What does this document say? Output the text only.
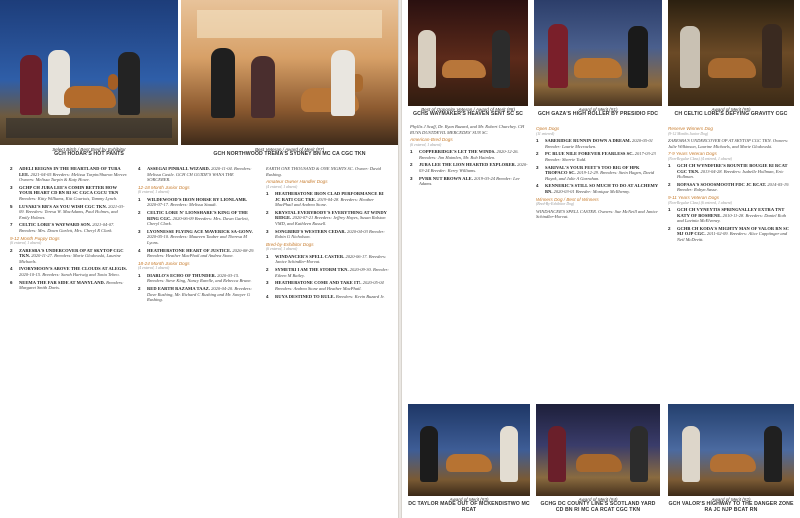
Select Bitch / Best Bred by Exhibitor
GCH HODAR'S HOT PANTS
Best Veteran / Award of Merit (#7)
GCH NORTHWOOD TREMA'S SYDNEY BN MC CA CGC TKN
2	ADELI REIGNS IN THE HEARTLAND OF TUBA LEE. 2021-04-05 Breeders: Melissa Turpin/Sharon Mercer. Owners: Melissa Turpin & Katy Howe.
3	GCHP CH JUBA LEE'S COMIN BETTER HOW YOUR HEART CD BN RI SC CGCA CGCU TKN Breeders: Kitty Williams, Kitt Courtois, Tammy Lynch.
5	LUVAKI'S RB'S AS YOU WISH CGC TKN. 2021-03-09. Breeders: Teresa W. MacAdams, Paul Holmes, and Emily Holmes.
7	CELTIC LORE'S WAYWARD SON. 2021-04-07. Breeders: Mrs. Dawn Garlett, Mrs. Cheryl R Clark.
9-12 Month Puppy Dogs
(6 entered, 1 absent)
2	ZARESBA'S UNDERCOVER OP AT SKYTOP CGC TKN. 2020-11-27. Breeders: Marie Glodowski, Laurine Michaels.
4	IVORYMOON'S ABOVE THE CLOUDS AT ALEGIS. 2020-10-15. Breeders: Sarah Hartwig and Tonia Tebeo.
6	NEEMA THE FAR SIDE AT MANYLAND. Breeders: Margaret Smith Davis.
4	ASSEGAI PINBALL WIZARD. 2020-11-04. Breeders: Melissa Castle. GCH CH GUIDE'S WANA THE SORCERER.
12-18 Month Junior Dogs
(6 entered, 1 absent)
1	WILDEWOOD'S IRON HORSE BY LIONLAMB. 2020-07-17. Breeders: Melissa Staudt.
2	CELTIC LORE N' LIONSHARE'S KING OF THE RING CGC. 2020-06-09 Breeders: Mrs. Dawn Garlett, Cheryl Clark.
3	LYONNESSE FLYING ACE MAVERICK SA-GONV. 2020-05-10. Breeders: Maureen Tauber and Theresa M Lyons.
4	HEATHERSTONE HEART OF JUSTICE. 2020-08-29. Breeders: Heather MacPhail and Andrea Stone.
18-24 Month Junior Dogs
(4 entered, 1 absent)
1	DIABLO'S ECHO OF THUNDER. 2020-03-15. Breeders: Steve King, Nancy Rarelle, and Rebecca Brune.
2	RED EARTH RAZAMA TAAZ. 2020-04-20. Breeders: Dave Rushing, Mr. Richard C Rushing and Mr. Sawyer G Rushing.
EARTH ONE THOUSAND & ONE NIGHTS SC. Owner: David Rushing.
Amateur Owner Handler Dogs
(4 entered, 1 absent)
1	HEATHERSTONE IRON CLAD PERFORMANCE RI JC RATI CGC TKE. 2019-04-28. Breeders: Heather MacPhail and Andrea Stone.
2	KRYSTAL EVERYBODY'S EVERYTHING AT WINDY RIDGE. 2020-07-21 Breeders: Jeffrey Hayes, Susan Ralston VMD, and Kathleen Russell.
3	SONGBIRD'S WESTERN CEDAR. 2020-04-03 Breeder: Robin G Nicholson.
Bred-by-Exhibitor Dogs
(6 entered, 1 absent)
1	WINDANCER'S SPELL CASTER. 2020-06-17. Breeders: Janice Schindler-Horvat.
2	SYMETRI I AM THE STORM TKN. 2020-09-30. Breeder: Eileen M Bailey.
3	HEATHERSTONE COME AND TAKE IT!. 2020-05-04 Breeders: Andrea Stone and Heather MacPhail.
4	RUYA DESTINED TO RULE. Breeders: Kevin Buzard Jr.
Best of Opposite Veteran / Award of Merit (#8)
GCHS WAYMAKER'S HEAVEN SENT SC SC
Award of Merit (#1)
GCH GAZA'S HIGH ROLLER BY PRESIDIO FDC
Award of Merit (#5)
CH CELTIC LORE'S DEFYING GRAVITY CGC
Phyllis J Scaff, Dr. Ryan Buzard, and Mr. Robert Churchey. CH RUYA DUSTDEVIL MERCEDES' SUN SC.
American-Bred Dogs
(6 entered, 1 absent)
1	COPPERRIDGE'S LET THE WINDS. 2020-12-26. Breeders: Jim Haimlen, Mr. Bob Haimlen.
2	JUBA LEE THE LION HEARTED EXPLORER. 2020-03-24 Breeder: Kerry Williams.
3	PVRR NUT BROWN ALE. 2019-03-24 Breeder: Lee Adams.
Open Dogs
(11 entered)
1	SABERIDGE RUNNIN DOWN A DREAM. 2020-05-01 Breeder: Laurie Mccracken.
2	PC BLUE NILE FOREVER FEARLESS SC. 2017-03-23 Breeder: Sherrie Todd.
3	SARIVAL'S YOUR FEET'S TOO BIG OF HPK TROPACO SC. 2019-12-29. Breeders: Stein Hagen, David Hayek, and Julie A Garrahan.
4	KENNERIC'S STILL SO MUCH TO DO AT ALCHEMY BN. 2020-03-01 Breeder: Monique McIlhenny.
Winners Dog / Best of Winners
(Bred-By-Exhibitor Dog)
WINDANCER'S SPELL CASTER. Owners: Sue McNeill and Janice Schindler-Horvat.
Reserve Winners Dog
(9-12 Months Junior Dog)
ZARESBA'S UNDERCOVER OP AT SKYTOP CGC TKN. Owners: Julie Wilkinson, Laurine Michaels, and Marie Glodowski.
7-9 Years Veteran Dogs
(Non-Regular Class) (4 entered, 1 absent)
1	GCH CH WYNDFIRE'S BOUNTIE BOUGIE RI RCAT CGC TKN. 2013-04-28. Breeders: Isabelle Hollman, Eric Hollman.
2	ROPASA'S SOOOSMOOTH FDC JC RCAT. 2014-05-19. Breeder: Robyn Sasse.
9-11 Years Veteran Dogs
(Non-Regular Class) (6 entered, 1 absent)
1	GCH CH VYNEYTIS SPRINGVALLEY EXTRA TNT KATY OF BOSHENE. 2010-11-28. Breeders: Daniel Roth and Lavinia McElveney.
2	GCHB CH KODA'S MIGHTY MAN OF VALOR RN SC MJ OJP CGC. 2011-02-09. Breeders: Alice Cappiinger and Neil McDevitt.
Award of Merit (#3)
DC TAYLOR MADE OUT OF MCKENDISTWO MC RCAT
Award of Merit (#4)
GCHG DC COUNTY LINE'S SCOTLAND YARD CD BN RI MC CA RCAT CGC TKN
Award of Merit (#2)
GCH VALOR'S HIGHWAY TO THE DANGER ZONE RA JC NJP BCAT RN
